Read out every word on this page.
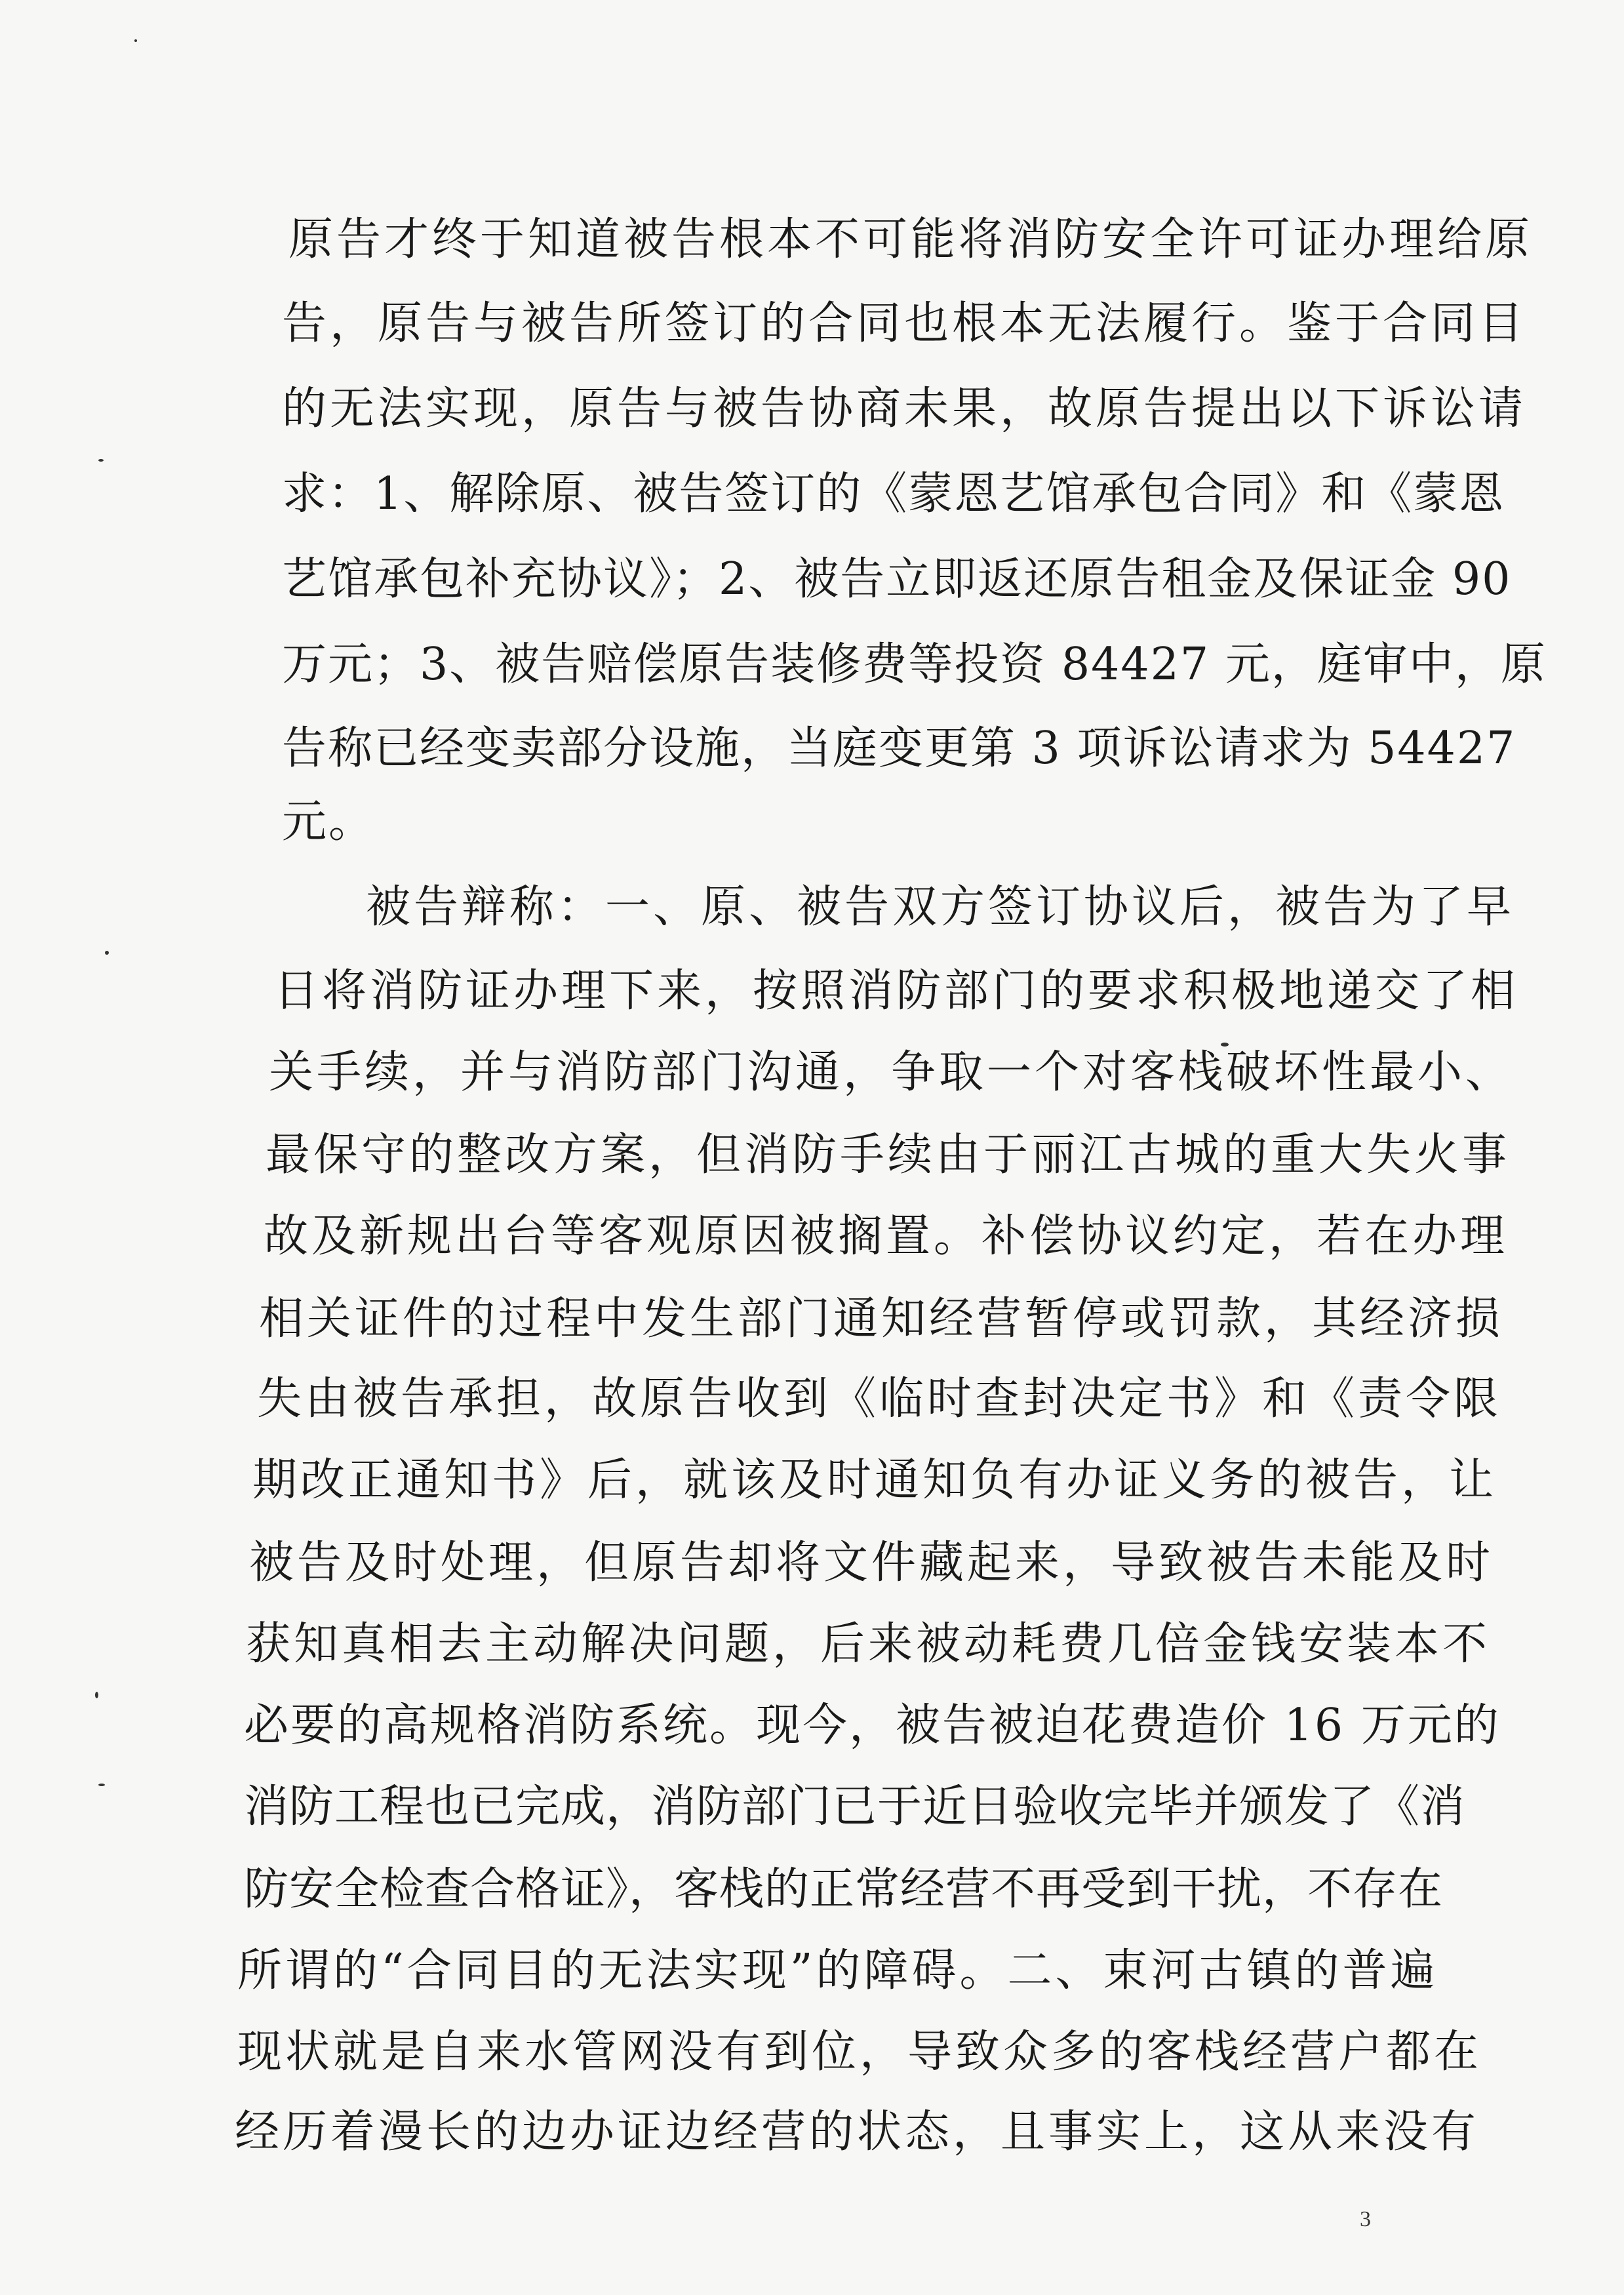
原告才终于知道被告根本不可能将消防安全许可证办理给原
告，原告与被告所签订的合同也根本无法履行。鉴于合同目
的无法实现，原告与被告协商未果，故原告提出以下诉讼请
求：1、解除原、被告签订的《蒙恩艺馆承包合同》和《蒙恩
艺馆承包补充协议》；2、被告立即返还原告租金及保证金 90
万元；3、被告赔偿原告装修费等投资 84427 元，庭审中，原
告称已经变卖部分设施，当庭变更第 3 项诉讼请求为 54427
元。
被告辩称：一、原、被告双方签订协议后，被告为了早
日将消防证办理下来，按照消防部门的要求积极地递交了相
关手续，并与消防部门沟通，争取一个对客栈破坏性最小、
最保守的整改方案，但消防手续由于丽江古城的重大失火事
故及新规出台等客观原因被搁置。补偿协议约定，若在办理
相关证件的过程中发生部门通知经营暂停或罚款，其经济损
失由被告承担，故原告收到《临时查封决定书》和《责令限
期改正通知书》后，就该及时通知负有办证义务的被告，让
被告及时处理，但原告却将文件藏起来，导致被告未能及时
获知真相去主动解决问题，后来被动耗费几倍金钱安装本不
必要的高规格消防系统。现今，被告被迫花费造价 16 万元的
消防工程也已完成，消防部门已于近日验收完毕并颁发了《消
防安全检查合格证》，客栈的正常经营不再受到干扰，不存在
所谓的“合同目的无法实现”的障碍。二、束河古镇的普遍
现状就是自来水管网没有到位，导致众多的客栈经营户都在
经历着漫长的边办证边经营的状态，且事实上，这从来没有
3
